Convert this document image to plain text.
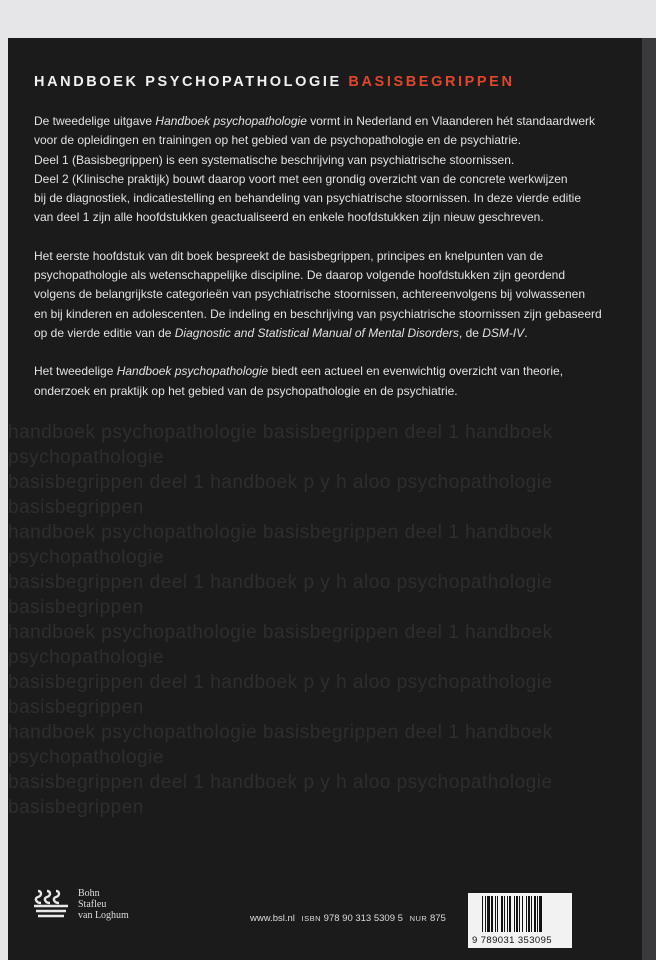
handboek psychopathologie basisbegrippen deel 1 handboek psychopathologie
basisbegrippen deel 1 handboek p y h aloo psychopathologie basisbegrippen
handboek psychopathologie basisbegrippen deel 1 handboek psychopathologie
basisbegrippen deel 1 handboek p y h aloo psychopathologie basisbegrippen
handboek psychopathologie basisbegrippen deel 1 handboek psychopathologie
basisbegrippen deel 1 handboek p y h aloo psychopathologie basisbegrippen
handboek psychopathologie basisbegrippen deel 1 handboek psychopathologie
basisbegrippen deel 1 handboek p y h aloo psychopathologie basisbegrippen
HANDBOEK PSYCHOPATHOLOGIE BASISBEGRIPPEN

De tweedelige uitgave Handboek psychopathologie vormt in Nederland en Vlaanderen hét standaardwerk
voor de opleidingen en trainingen op het gebied van de psychopathologie en de psychiatrie.
Deel 1 (Basisbegrippen) is een systematische beschrijving van psychiatrische stoornissen.
Deel 2 (Klinische praktijk) bouwt daarop voort met een grondig overzicht van de concrete werkwijzen
bij de diagnostiek, indicatiestelling en behandeling van psychiatrische stoornissen. In deze vierde editie
van deel 1 zijn alle hoofdstukken geactualiseerd en enkele hoofdstukken zijn nieuw geschreven.

Het eerste hoofdstuk van dit boek bespreekt de basisbegrippen, principes en knelpunten van de
psychopathologie als wetenschappelijke discipline. De daarop volgende hoofdstukken zijn geordend
volgens de belangrijkste categorieën van psychiatrische stoornissen, achtereenvolgens bij volwassenen
en bij kinderen en adolescenten. De indeling en beschrijving van psychiatrische stoornissen zijn gebaseerd
op de vierde editie van de Diagnostic and Statistical Manual of Mental Disorders, de DSM-IV.

Het tweedelige Handboek psychopathologie biedt een actueel en evenwichtig overzicht van theorie,
onderzoek en praktijk op het gebied van de psychopathologie en de psychiatrie.

Bohn
Stafleu
van Loghum	www.bsl.nl ISBN 978 90 313 5309 5 NUR 875
9 789031 353095
